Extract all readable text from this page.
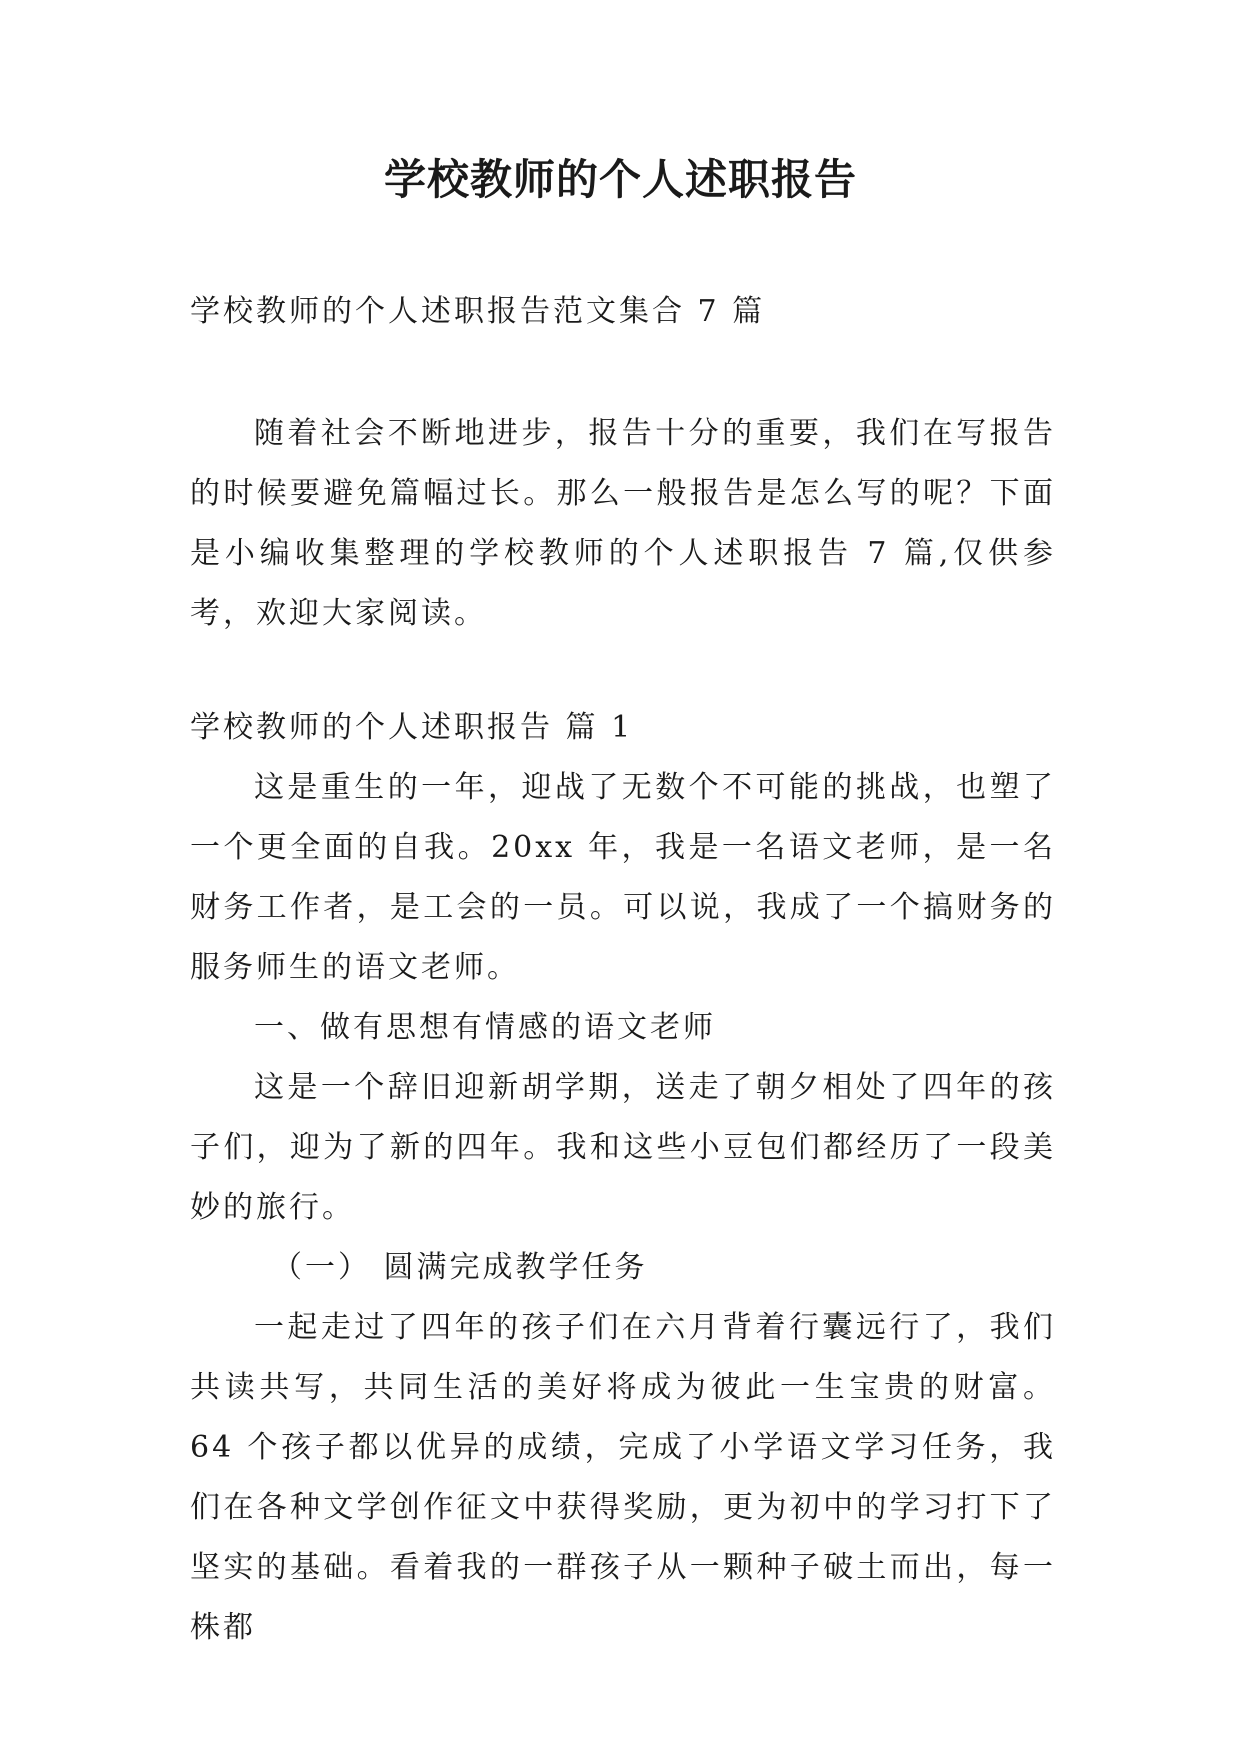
学校教师的个人述职报告

学校教师的个人述职报告范文集合 7 篇

随着社会不断地进步，报告十分的重要，我们在写报告的时候要避免篇幅过长。那么一般报告是怎么写的呢？下面是小编收集整理的学校教师的个人述职报告 7 篇,仅供参考，欢迎大家阅读。

学校教师的个人述职报告 篇 1

这是重生的一年，迎战了无数个不可能的挑战，也塑了一个更全面的自我。20xx 年，我是一名语文老师，是一名财务工作者，是工会的一员。可以说，我成了一个搞财务的服务师生的语文老师。

一、做有思想有情感的语文老师

这是一个辞旧迎新胡学期，送走了朝夕相处了四年的孩子们，迎为了新的四年。我和这些小豆包们都经历了一段美妙的旅行。

（一） 圆满完成教学任务

一起走过了四年的孩子们在六月背着行囊远行了，我们共读共写，共同生活的美好将成为彼此一生宝贵的财富。64 个孩子都以优异的成绩，完成了小学语文学习任务，我们在各种文学创作征文中获得奖励，更为初中的学习打下了坚实的基础。看着我的一群孩子从一颗种子破土而出，每一株都
